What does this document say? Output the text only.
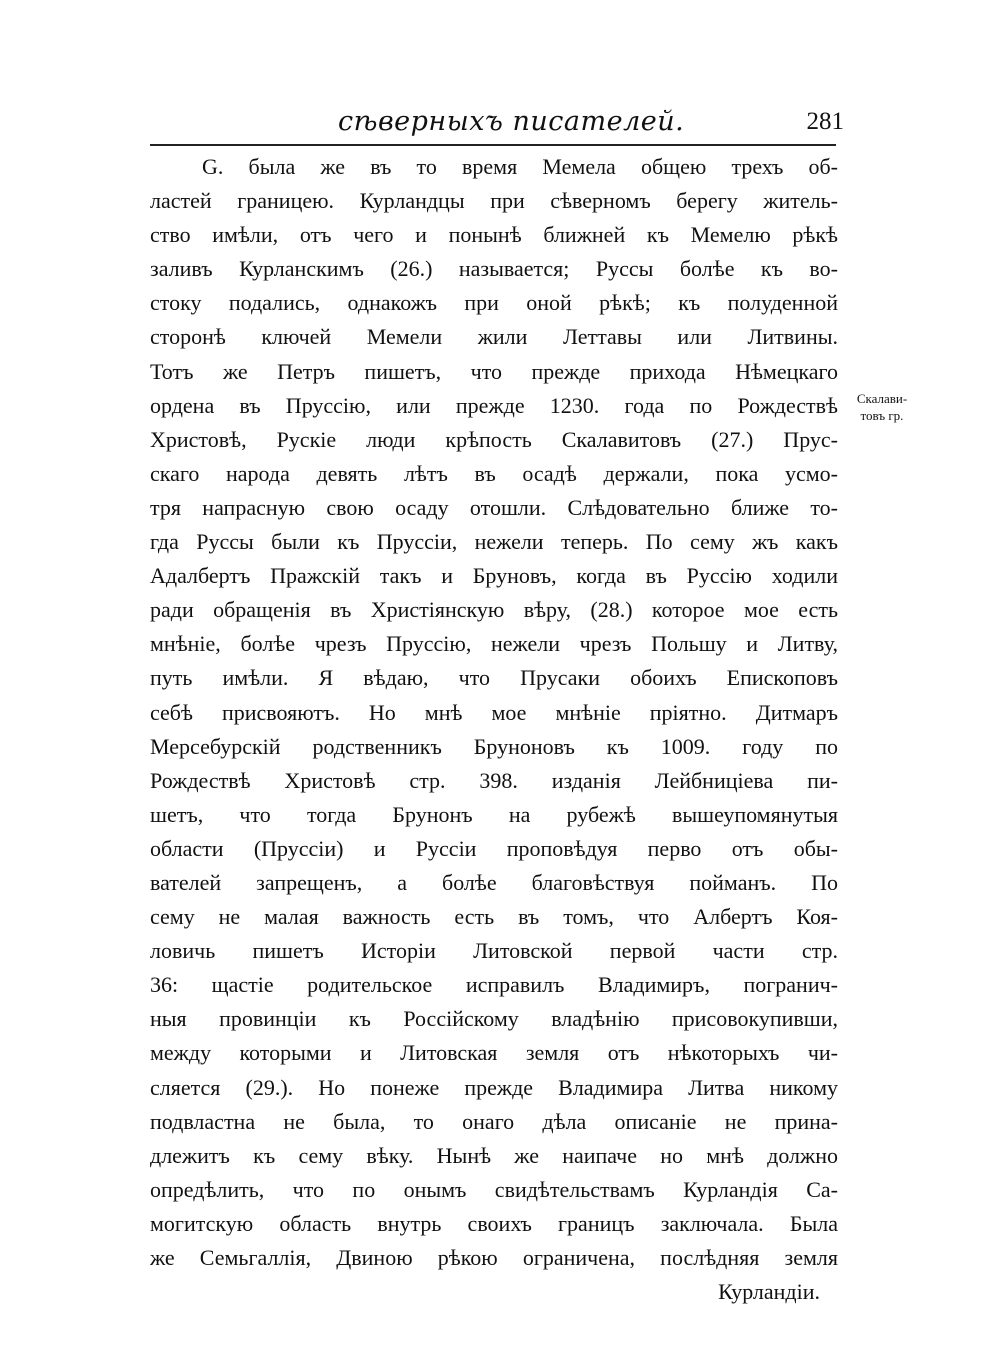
сѣверныхъ писателей.	281
G. была же въ то время Мемела общею трехъ об-
ластей границею. Курландцы при сѣверномъ берегу житель-
ство имѣли, отъ чего и понынѣ ближней къ Мемелю рѣкѣ
заливъ Курланскимъ (26.) называется; Руссы болѣе къ во-
стоку подались, однакожъ при оной рѣкѣ; къ полуденной
сторонѣ ключей Мемели жили Леттавы или Литвины.
Тотъ же Петръ пишетъ, что прежде прихода Нѣмецкаго
ордена въ Пруссію, или прежде 1230. года по Рождествѣ
Христовѣ, Рускіе люди крѣпость Скалавитовъ (27.) Прус-
скаго народа девять лѣтъ въ осадѣ держали, пока усмо-
тря напрасную свою осаду отошли. Слѣдовательно ближе то-
гда Руссы были къ Пруссіи, нежели теперь. По сему жъ какъ
Адалбертъ Пражскій такъ и Бруновъ, когда въ Руссію ходили
ради обращенія въ Христіянскую вѣру, (28.) которое мое есть
мнѣніе, болѣе чрезъ Пруссію, нежели чрезъ Польшу и Литву,
путь имѣли. Я вѣдаю, что Прусаки обоихъ Епископовъ
себѣ присвояютъ. Но мнѣ мое мнѣніе пріятно. Дитмаръ
Мерсебурскій родственникъ Бруноновъ къ 1009. году по
Рождествѣ Христовѣ стр. 398. изданія Лейбницiева пи-
шетъ, что тогда Брунонъ на рубежѣ вышеупомянутыя
области (Пруссіи) и Руссіи проповѣдуя перво отъ обы-
вателей запрещенъ, а болѣе благовѣствуя пойманъ. По
сему не малая важность есть въ томъ, что Албертъ Коя-
ловичь пишетъ Исторіи Литовской первой части стр.
36: щастіе родительское исправилъ Владимиръ, погранич-
ныя провинціи къ Россійскому владѣнію присовокупивши,
между которыми и Литовская земля отъ нѣкоторыхъ чи-
сляется (29.). Но понеже прежде Владимира Литва никому
подвластна не была, то онаго дѣла описаніе не прина-
длежитъ къ сему вѣку. Нынѣ же наипаче но мнѣ должно
опредѣлить, что по онымъ свидѣтельствамъ Курландія Са-
могитскую область внутрь своихъ границъ заключала. Была
же Семьгаллія, Двиною рѣкою ограничена, послѣдняя земля
Курландіи.
Скалави-
товъ гр.
